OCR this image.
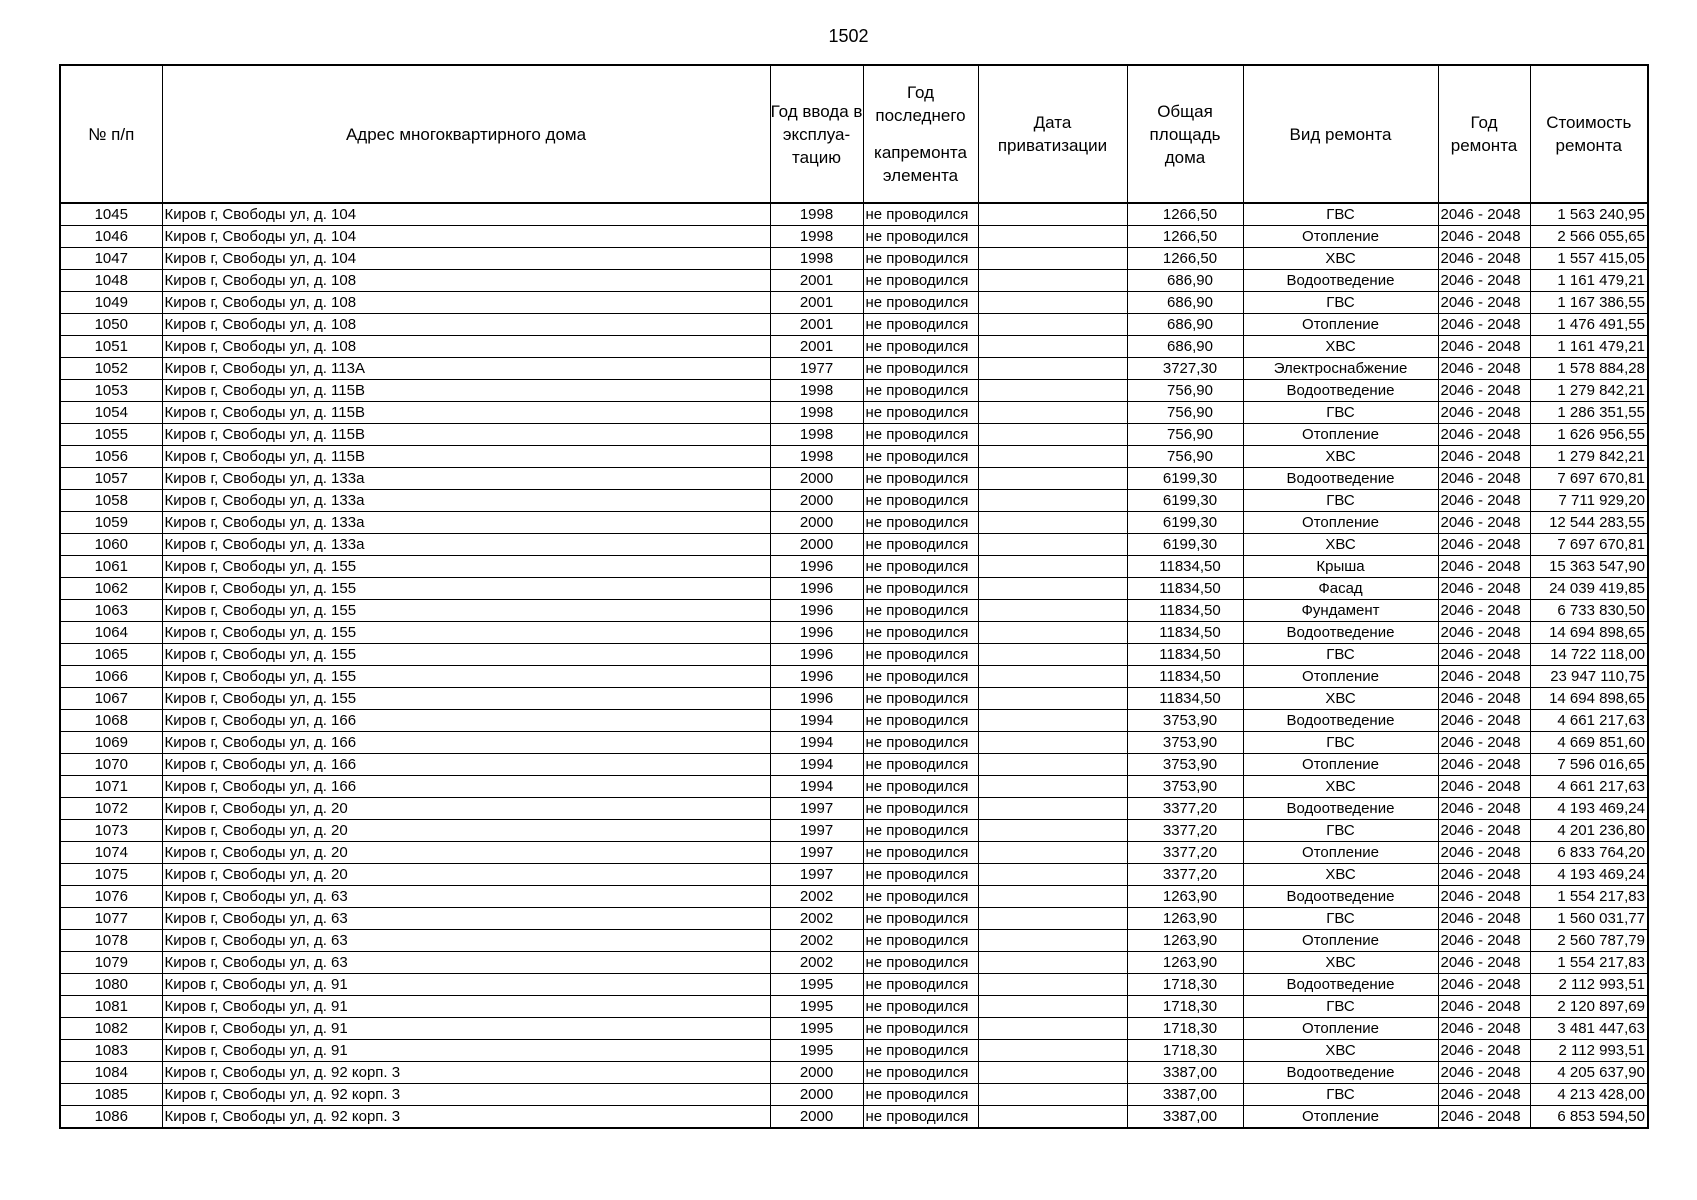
1502
№ п/п	Адрес многоквартирного дома	Год ввода в эксплуа-тацию	Год последнего
капремонта элемента	Дата приватизации	Общая площадь дома	Вид ремонта	Год ремонта	Стоимость ремонта
1045	Киров г, Свободы ул, д. 104	1998	не проводился		1266,50	ГВС	2046 - 2048	1 563 240,95
1046	Киров г, Свободы ул, д. 104	1998	не проводился		1266,50	Отопление	2046 - 2048	2 566 055,65
1047	Киров г, Свободы ул, д. 104	1998	не проводился		1266,50	ХВС	2046 - 2048	1 557 415,05
1048	Киров г, Свободы ул, д. 108	2001	не проводился		686,90	Водоотведение	2046 - 2048	1 161 479,21
1049	Киров г, Свободы ул, д. 108	2001	не проводился		686,90	ГВС	2046 - 2048	1 167 386,55
1050	Киров г, Свободы ул, д. 108	2001	не проводился		686,90	Отопление	2046 - 2048	1 476 491,55
1051	Киров г, Свободы ул, д. 108	2001	не проводился		686,90	ХВС	2046 - 2048	1 161 479,21
1052	Киров г, Свободы ул, д. 113А	1977	не проводился		3727,30	Электроснабжение	2046 - 2048	1 578 884,28
1053	Киров г, Свободы ул, д. 115В	1998	не проводился		756,90	Водоотведение	2046 - 2048	1 279 842,21
1054	Киров г, Свободы ул, д. 115В	1998	не проводился		756,90	ГВС	2046 - 2048	1 286 351,55
1055	Киров г, Свободы ул, д. 115В	1998	не проводился		756,90	Отопление	2046 - 2048	1 626 956,55
1056	Киров г, Свободы ул, д. 115В	1998	не проводился		756,90	ХВС	2046 - 2048	1 279 842,21
1057	Киров г, Свободы ул, д. 133а	2000	не проводился		6199,30	Водоотведение	2046 - 2048	7 697 670,81
1058	Киров г, Свободы ул, д. 133а	2000	не проводился		6199,30	ГВС	2046 - 2048	7 711 929,20
1059	Киров г, Свободы ул, д. 133а	2000	не проводился		6199,30	Отопление	2046 - 2048	12 544 283,55
1060	Киров г, Свободы ул, д. 133а	2000	не проводился		6199,30	ХВС	2046 - 2048	7 697 670,81
1061	Киров г, Свободы ул, д. 155	1996	не проводился		11834,50	Крыша	2046 - 2048	15 363 547,90
1062	Киров г, Свободы ул, д. 155	1996	не проводился		11834,50	Фасад	2046 - 2048	24 039 419,85
1063	Киров г, Свободы ул, д. 155	1996	не проводился		11834,50	Фундамент	2046 - 2048	6 733 830,50
1064	Киров г, Свободы ул, д. 155	1996	не проводился		11834,50	Водоотведение	2046 - 2048	14 694 898,65
1065	Киров г, Свободы ул, д. 155	1996	не проводился		11834,50	ГВС	2046 - 2048	14 722 118,00
1066	Киров г, Свободы ул, д. 155	1996	не проводился		11834,50	Отопление	2046 - 2048	23 947 110,75
1067	Киров г, Свободы ул, д. 155	1996	не проводился		11834,50	ХВС	2046 - 2048	14 694 898,65
1068	Киров г, Свободы ул, д. 166	1994	не проводился		3753,90	Водоотведение	2046 - 2048	4 661 217,63
1069	Киров г, Свободы ул, д. 166	1994	не проводился		3753,90	ГВС	2046 - 2048	4 669 851,60
1070	Киров г, Свободы ул, д. 166	1994	не проводился		3753,90	Отопление	2046 - 2048	7 596 016,65
1071	Киров г, Свободы ул, д. 166	1994	не проводился		3753,90	ХВС	2046 - 2048	4 661 217,63
1072	Киров г, Свободы ул, д. 20	1997	не проводился		3377,20	Водоотведение	2046 - 2048	4 193 469,24
1073	Киров г, Свободы ул, д. 20	1997	не проводился		3377,20	ГВС	2046 - 2048	4 201 236,80
1074	Киров г, Свободы ул, д. 20	1997	не проводился		3377,20	Отопление	2046 - 2048	6 833 764,20
1075	Киров г, Свободы ул, д. 20	1997	не проводился		3377,20	ХВС	2046 - 2048	4 193 469,24
1076	Киров г, Свободы ул, д. 63	2002	не проводился		1263,90	Водоотведение	2046 - 2048	1 554 217,83
1077	Киров г, Свободы ул, д. 63	2002	не проводился		1263,90	ГВС	2046 - 2048	1 560 031,77
1078	Киров г, Свободы ул, д. 63	2002	не проводился		1263,90	Отопление	2046 - 2048	2 560 787,79
1079	Киров г, Свободы ул, д. 63	2002	не проводился		1263,90	ХВС	2046 - 2048	1 554 217,83
1080	Киров г, Свободы ул, д. 91	1995	не проводился		1718,30	Водоотведение	2046 - 2048	2 112 993,51
1081	Киров г, Свободы ул, д. 91	1995	не проводился		1718,30	ГВС	2046 - 2048	2 120 897,69
1082	Киров г, Свободы ул, д. 91	1995	не проводился		1718,30	Отопление	2046 - 2048	3 481 447,63
1083	Киров г, Свободы ул, д. 91	1995	не проводился		1718,30	ХВС	2046 - 2048	2 112 993,51
1084	Киров г, Свободы ул, д. 92 корп. 3	2000	не проводился		3387,00	Водоотведение	2046 - 2048	4 205 637,90
1085	Киров г, Свободы ул, д. 92 корп. 3	2000	не проводился		3387,00	ГВС	2046 - 2048	4 213 428,00
1086	Киров г, Свободы ул, д. 92 корп. 3	2000	не проводился		3387,00	Отопление	2046 - 2048	6 853 594,50
